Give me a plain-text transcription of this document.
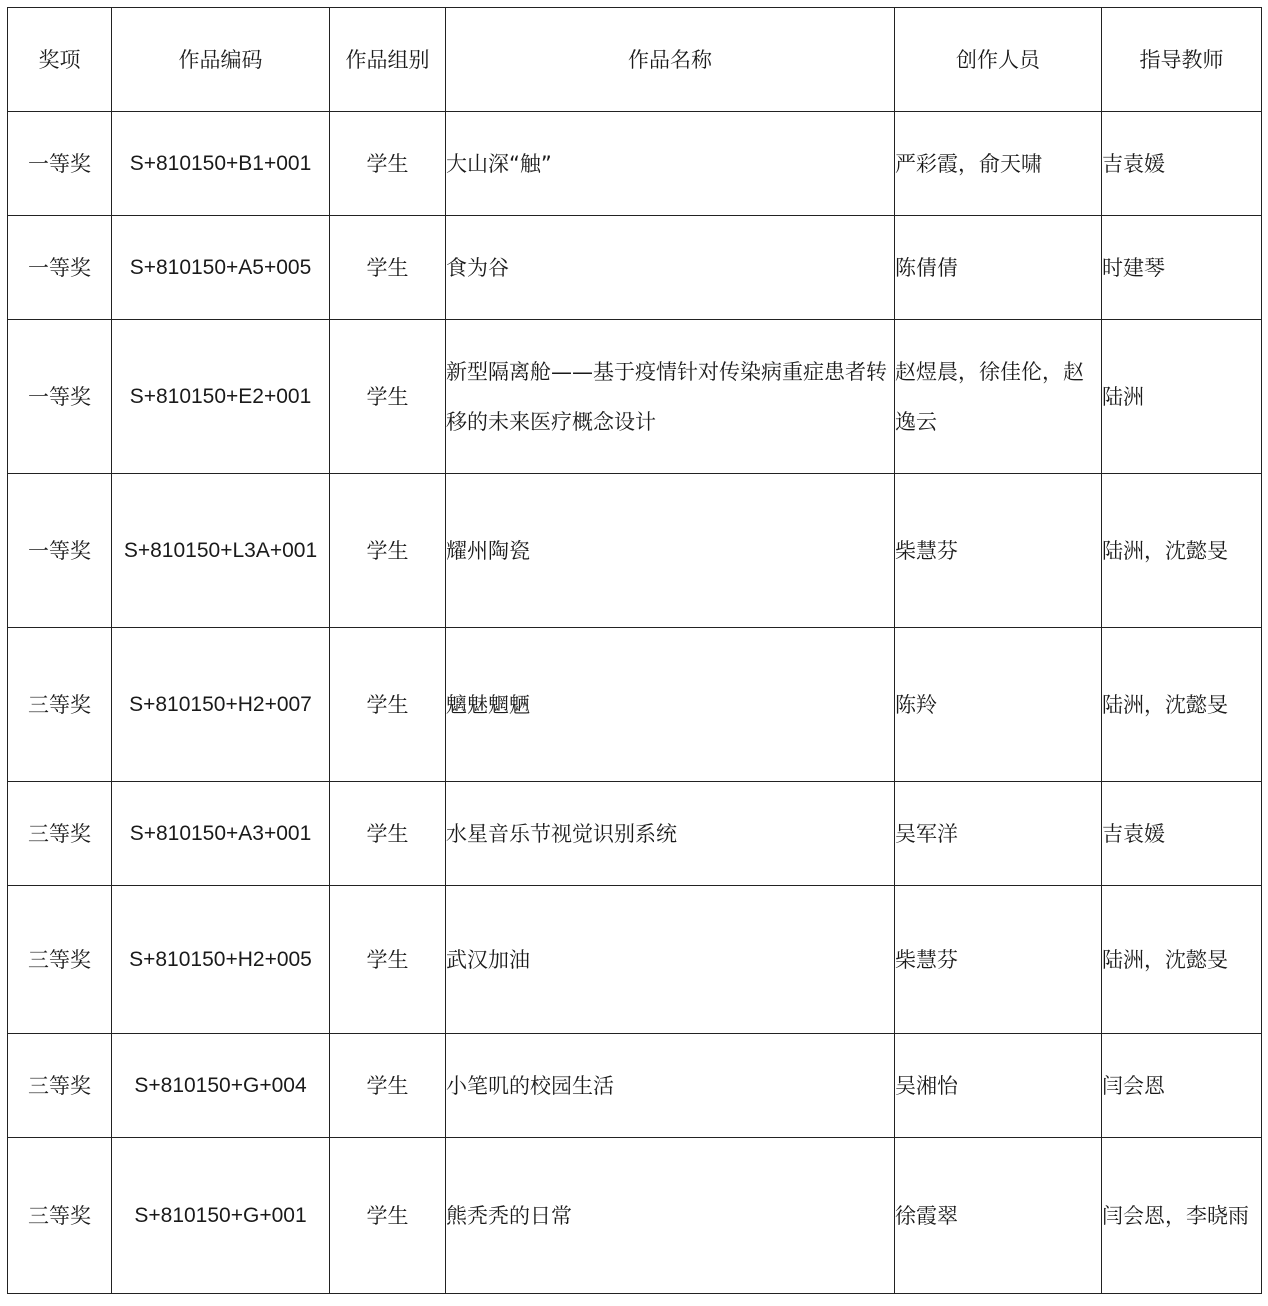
奖项	作品编码	作品组别	作品名称	创作人员	指导教师
一等奖	S+810150+B1+001	学生	大山深“触”	严彩霞，俞天啸	吉袁媛
一等奖	S+810150+A5+005	学生	食为谷	陈倩倩	时建琴
一等奖	S+810150+E2+001	学生	新型隔离舱——基于疫情针对传染病重症患者转移的未来医疗概念设计	赵煜晨，徐佳伦，赵逸云	陆洲
一等奖	S+810150+L3A+001	学生	耀州陶瓷	柴慧芬	陆洲，沈懿旻
三等奖	S+810150+H2+007	学生	魑魅魍魉	陈羚	陆洲，沈懿旻
三等奖	S+810150+A3+001	学生	水星音乐节视觉识别系统	吴军洋	吉袁媛
三等奖	S+810150+H2+005	学生	武汉加油	柴慧芬	陆洲，沈懿旻
三等奖	S+810150+G+004	学生	小笔叽的校园生活	吴湘怡	闫会恩
三等奖	S+810150+G+001	学生	熊秃秃的日常	徐霞翠	闫会恩，李晓雨
